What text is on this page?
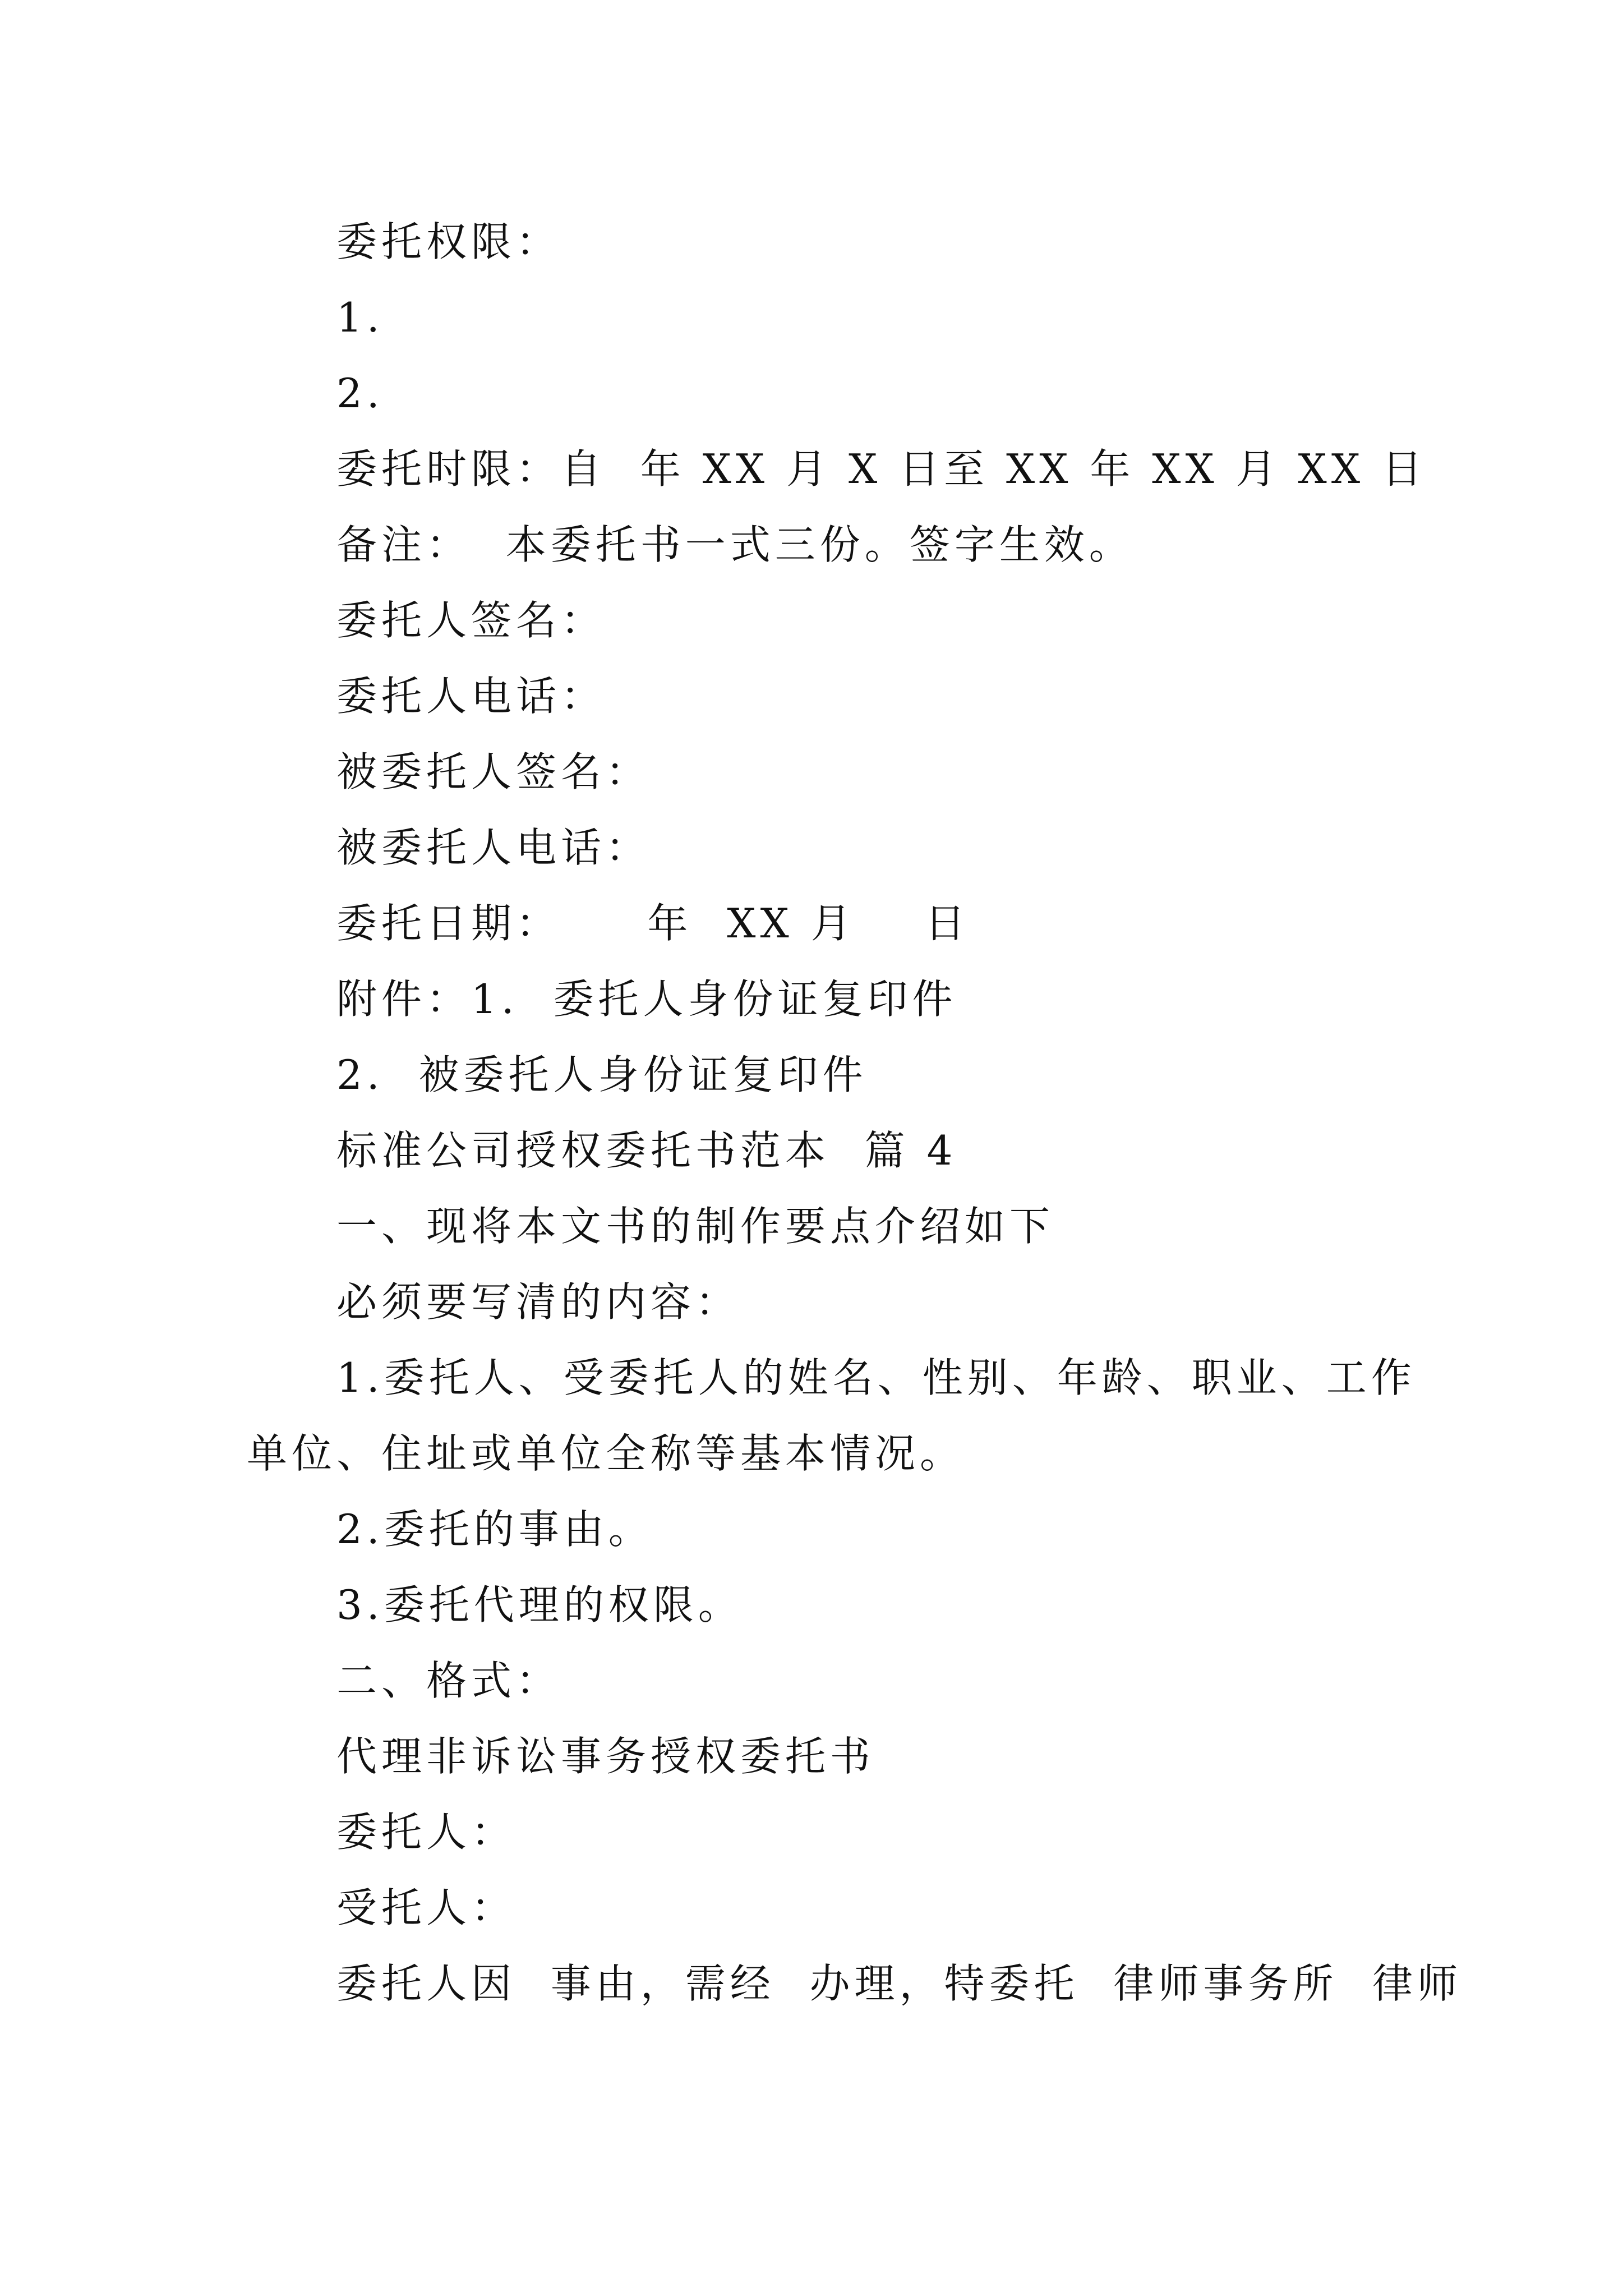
委托权限：
1.
2.
委托时限：自  年 XX 月 X 日至 XX 年 XX 月 XX 日
备注：  本委托书一式三份。签字生效。
委托人签名：
委托人电话：
被委托人签名：
被委托人电话：
委托日期：     年  XX 月    日
附件：1.  委托人身份证复印件
2.  被委托人身份证复印件
标准公司授权委托书范本  篇 4
一、现将本文书的制作要点介绍如下
必须要写清的内容：
1.委托人、受委托人的姓名、性别、年龄、职业、工作
单位、住址或单位全称等基本情况。
2.委托的事由。
3.委托代理的权限。
二、格式：
代理非诉讼事务授权委托书
委托人：
受托人：
委托人因  事由，需经  办理，特委托  律师事务所  律师
